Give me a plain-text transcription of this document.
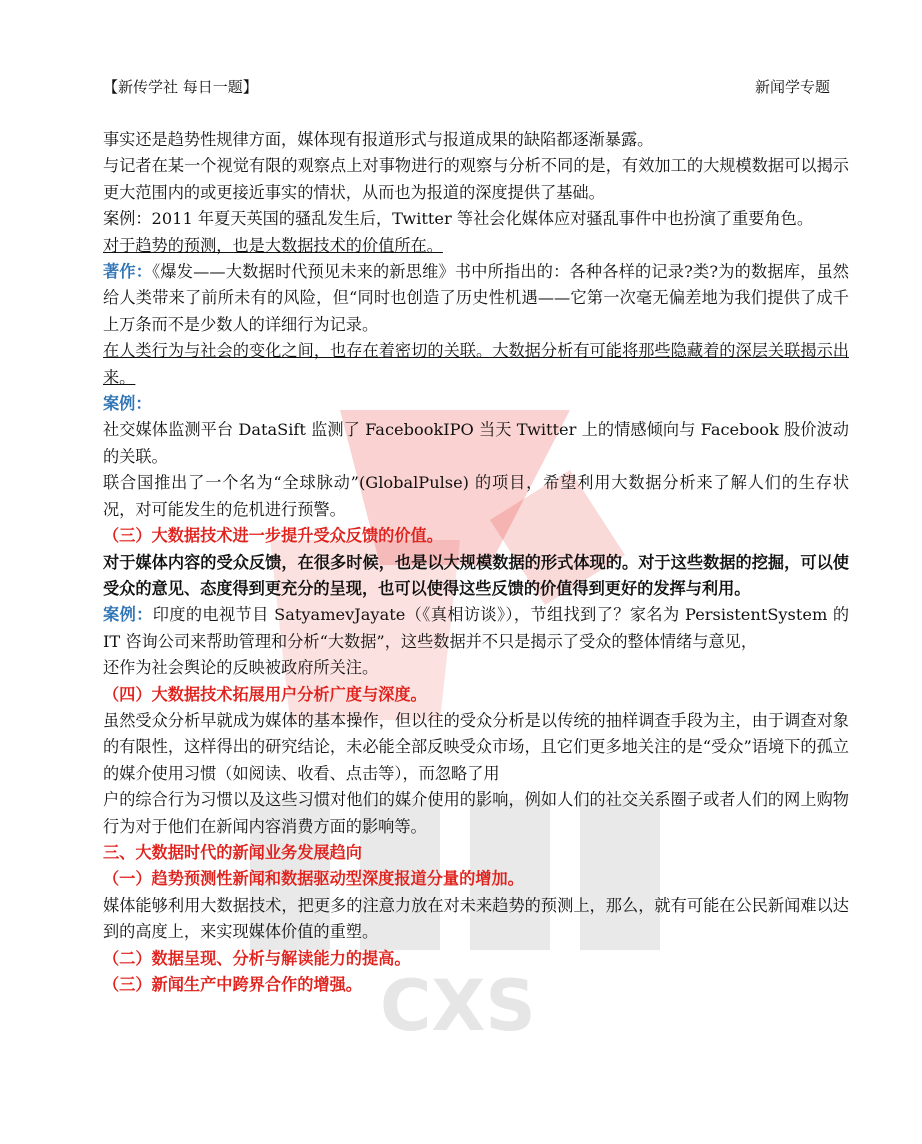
CXS
【新传学社 每日一题】	新闻学专题

事实还是趋势性规律方面，媒体现有报道形式与报道成果的缺陷都逐渐暴露。

与记者在某一个视觉有限的观察点上对事物进行的观察与分析不同的是，有效加工的大规模数据可以揭示更大范围内的或更接近事实的情状，从而也为报道的深度提供了基础。

案例：2011 年夏天英国的骚乱发生后，Twitter 等社会化媒体应对骚乱事件中也扮演了重要角色。

对于趋势的预测，也是大数据技术的价值所在。

著作：《爆发——大数据时代预见未来的新思维》书中所指出的：各种各样的记录?类?为的数据库，虽然给人类带来了前所未有的风险，但“同时也创造了历史性机遇——它第一次毫无偏差地为我们提供了成千上万条而不是少数人的详细行为记录。

在人类行为与社会的变化之间，也存在着密切的关联。大数据分析有可能将那些隐藏着的深层关联揭示出来。

案例：

社交媒体监测平台 DataSift 监测了 FacebookIPO 当天 Twitter 上的情感倾向与 Facebook 股价波动的关联。

联合国推出了一个名为“全球脉动”(GlobalPulse) 的项目，希望利用大数据分析来了解人们的生存状况，对可能发生的危机进行预警。

（三）大数据技术进一步提升受众反馈的价值。

对于媒体内容的受众反馈，在很多时候，也是以大规模数据的形式体现的。对于这些数据的挖掘，可以使受众的意见、态度得到更充分的呈现，也可以使得这些反馈的价值得到更好的发挥与利用。

案例：印度的电视节目 SatyamevJayate（《真相访谈》），节组找到了？家名为 PersistentSystem 的 IT 咨询公司来帮助管理和分析“大数据”，这些数据并不只是揭示了受众的整体情绪与意见，

还作为社会舆论的反映被政府所关注。

（四）大数据技术拓展用户分析广度与深度。

虽然受众分析早就成为媒体的基本操作，但以往的受众分析是以传统的抽样调查手段为主，由于调查对象的有限性，这样得出的研究结论，未必能全部反映受众市场，且它们更多地关注的是“受众”语境下的孤立的媒介使用习惯（如阅读、收看、点击等），而忽略了用

户的综合行为习惯以及这些习惯对他们的媒介使用的影响，例如人们的社交关系圈子或者人们的网上购物行为对于他们在新闻内容消费方面的影响等。

三、大数据时代的新闻业务发展趋向

（一）趋势预测性新闻和数据驱动型深度报道分量的增加。

媒体能够利用大数据技术，把更多的注意力放在对未来趋势的预测上，那么，就有可能在公民新闻难以达到的高度上，来实现媒体价值的重塑。

（二）数据呈现、分析与解读能力的提高。

（三）新闻生产中跨界合作的增强。
